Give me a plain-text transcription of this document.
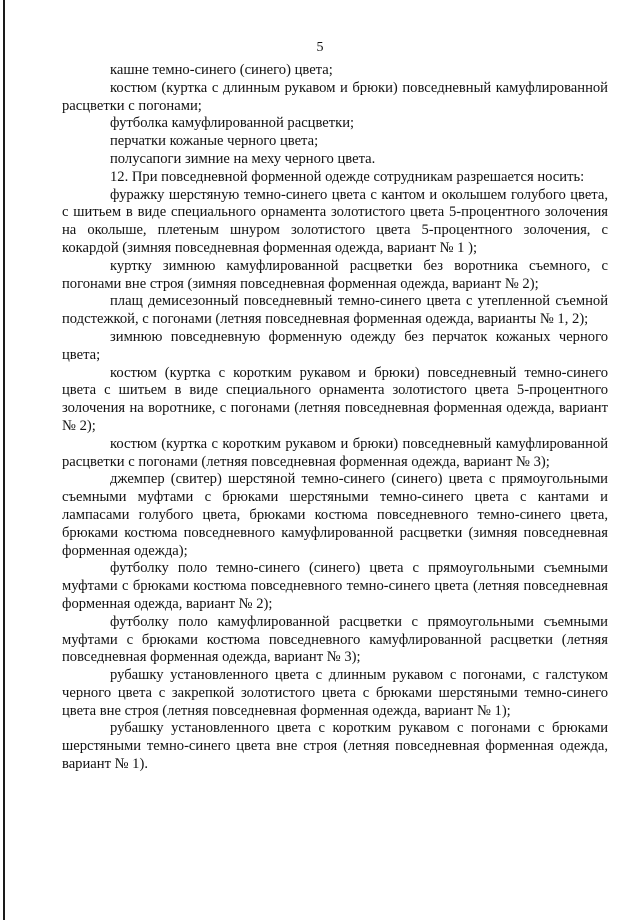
5

кашне темно-синего (синего) цвета;

костюм (куртка с длинным рукавом и брюки) повседневный камуфлированной расцветки с погонами;

футболка камуфлированной расцветки;

перчатки кожаные черного цвета;

полусапоги зимние на меху черного цвета.

12. При повседневной форменной одежде сотрудникам разрешается носить:

фуражку шерстяную темно-синего цвета с кантом и околышем голубого цвета, с шитьем в виде специального орнамента золотистого цвета 5-процентного золочения на околыше, плетеным шнуром золотистого цвета 5-процентного золочения, с кокардой (зимняя повседневная форменная одежда, вариант № 1 );

куртку зимнюю камуфлированной расцветки без воротника съемного, с погонами вне строя (зимняя повседневная форменная одежда, вариант № 2);

плащ демисезонный повседневный темно-синего цвета с утепленной съемной подстежкой, с погонами (летняя повседневная форменная одежда, варианты № 1, 2);

зимнюю повседневную форменную одежду без перчаток кожаных черного цвета;

костюм (куртка с коротким рукавом и брюки) повседневный темно-синего цвета с шитьем в виде специального орнамента золотистого цвета 5-процентного золочения на воротнике, с погонами (летняя повседневная форменная одежда, вариант № 2);

костюм (куртка с коротким рукавом и брюки) повседневный камуфлированной расцветки с погонами (летняя повседневная форменная одежда, вариант № 3);

джемпер (свитер) шерстяной темно-синего (синего) цвета с прямоугольными съемными муфтами с брюками шерстяными темно-синего цвета с кантами и лампасами голубого цвета, брюками костюма повседневного темно-синего цвета, брюками костюма повседневного камуфлированной расцветки (зимняя повседневная форменная одежда);

футболку поло темно-синего (синего) цвета с прямоугольными съемными муфтами с брюками костюма повседневного темно-синего цвета (летняя повседневная форменная одежда, вариант № 2);

футболку поло камуфлированной расцветки с прямоугольными съемными муфтами с брюками костюма повседневного камуфлированной расцветки (летняя повседневная форменная одежда, вариант № 3);

рубашку установленного цвета с длинным рукавом с погонами, с галстуком черного цвета с закрепкой золотистого цвета с брюками шерстяными темно-синего цвета вне строя (летняя повседневная форменная одежда, вариант № 1);

рубашку установленного цвета с коротким рукавом с погонами с брюками шерстяными темно-синего цвета вне строя (летняя повседневная форменная одежда, вариант № 1).
